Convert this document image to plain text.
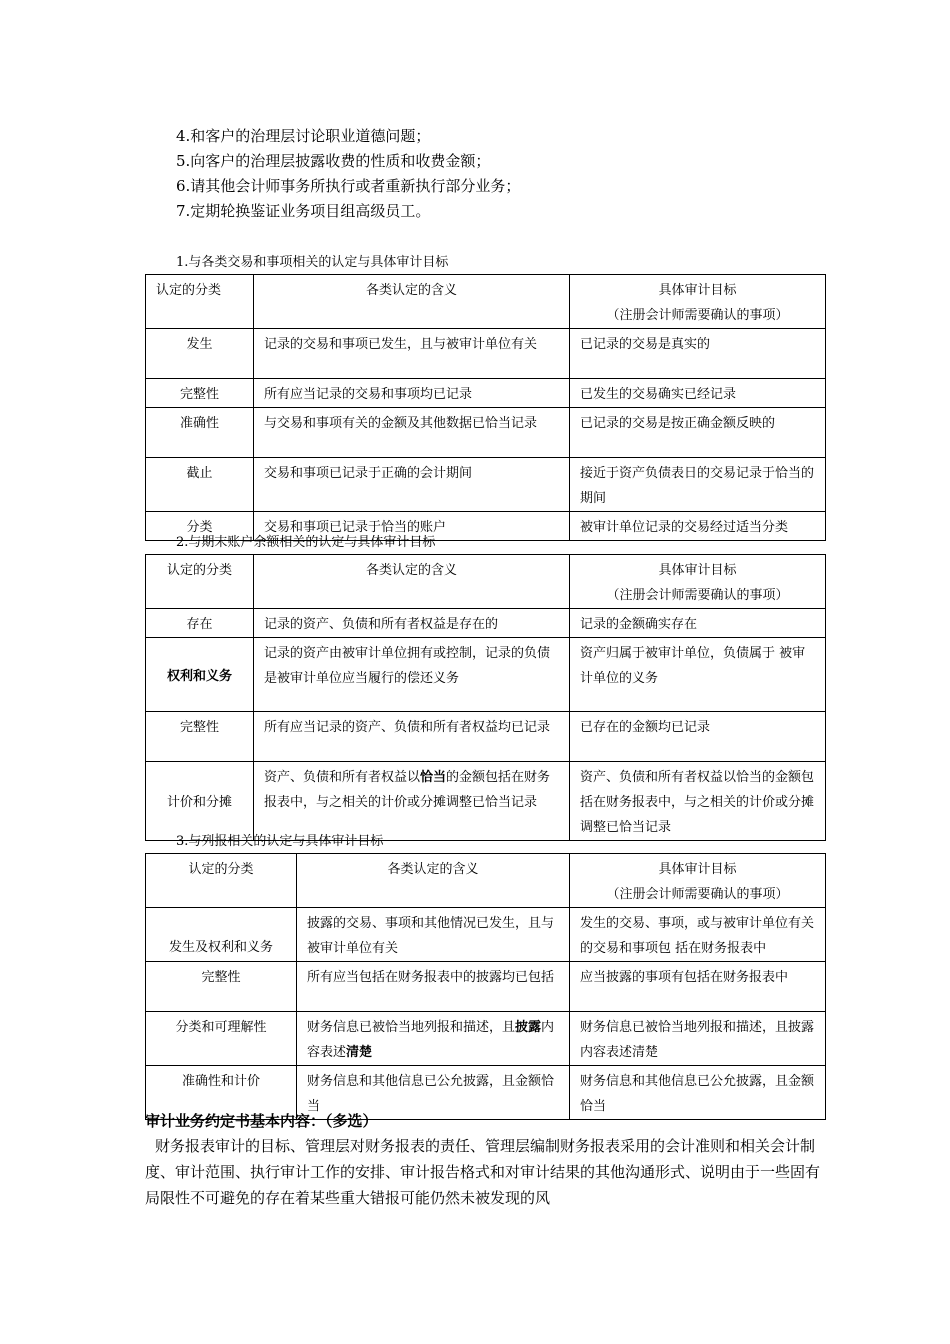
4.和客户的治理层讨论职业道德问题；
5.向客户的治理层披露收费的性质和收费金额；
6.请其他会计师事务所执行或者重新执行部分业务；
7.定期轮换鉴证业务项目组高级员工。
1.与各类交易和事项相关的认定与具体审计目标
认定的分类	各类认定的含义	具体审计目标
（注册会计师需要确认的事项）

发生	记录的交易和事项已发生，且与被审计单位有关	已记录的交易是真实的
完整性	所有应当记录的交易和事项均已记录	已发生的交易确实已经记录
准确性	与交易和事项有关的金额及其他数据已恰当记录	已记录的交易是按正确金额反映的
截止	交易和事项已记录于正确的会计期间	接近于资产负债表日的交易记录于恰当的期间
分类	交易和事项已记录于恰当的账户	被审计单位记录的交易经过适当分类
2.与期末账户余额相关的认定与具体审计目标
认定的分类	各类认定的含义	具体审计目标
（注册会计师需要确认的事项）

存在	记录的资产、负债和所有者权益是存在的	记录的金额确实存在
权利和义务	记录的资产由被审计单位拥有或控制，记录的负债是被审计单位应当履行的偿还义务	资产归属于被审计单位，负债属于 被审计单位的义务
完整性	所有应当记录的资产、负债和所有者权益均已记录	已存在的金额均已记录
计价和分摊	资产、负债和所有者权益以恰当的金额包括在财务报表中，与之相关的计价或分摊调整已恰当记录	资产、负债和所有者权益以恰当的金额包括在财务报表中，与之相关的计价或分摊调整已恰当记录
3.与列报相关的认定与具体审计目标
认定的分类	各类认定的含义	具体审计目标
（注册会计师需要确认的事项）

发生及权利和义务	披露的交易、事项和其他情况已发生，且与被审计单位有关	发生的交易、事项，或与被审计单位有关的交易和事项包 括在财务报表中
完整性	所有应当包括在财务报表中的披露均已包括	应当披露的事项有包括在财务报表中
分类和可理解性	财务信息已被恰当地列报和描述，且披露内容表述清楚	财务信息已被恰当地列报和描述，且披露内容表述清楚
准确性和计价	财务信息和其他信息已公允披露，且金额恰当	财务信息和其他信息已公允披露，且金额恰当
审计业务约定书基本内容：（多选）
财务报表审计的目标、管理层对财务报表的责任、管理层编制财务报表采用的会计准则和相关会计制度、审计范围、执行审计工作的安排、审计报告格式和对审计结果的其他沟通形式、说明由于一些固有局限性不可避免的存在着某些重大错报可能仍然未被发现的风
